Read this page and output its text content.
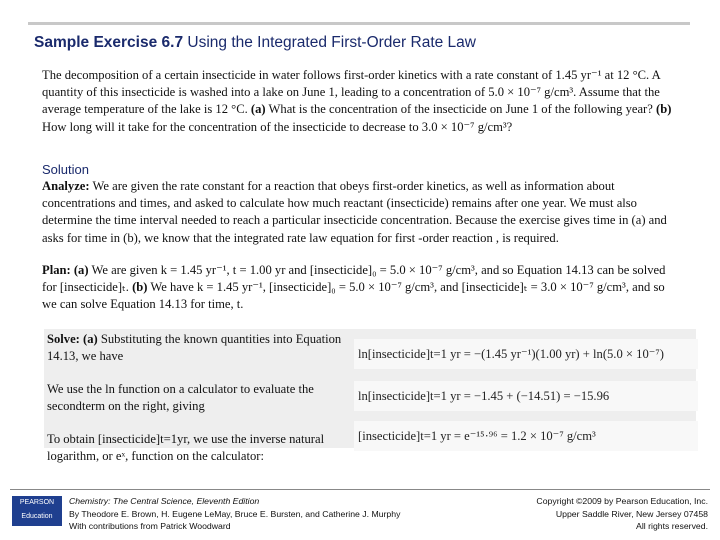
Sample Exercise 6.7 Using the Integrated First-Order Rate Law
The decomposition of a certain insecticide in water follows first-order kinetics with a rate constant of 1.45 yr⁻¹ at 12 °C. A quantity of this insecticide is washed into a lake on June 1, leading to a concentration of 5.0 × 10⁻⁷ g/cm³. Assume that the average temperature of the lake is 12 °C. (a) What is the concentration of the insecticide on June 1 of the following year? (b) How long will it take for the concentration of the insecticide to decrease to 3.0 × 10⁻⁷ g/cm³?
Solution
Analyze: We are given the rate constant for a reaction that obeys first-order kinetics, as well as information about concentrations and times, and asked to calculate how much reactant (insecticide) remains after one year. We must also determine the time interval needed to reach a particular insecticide concentration. Because the exercise gives time in (a) and asks for time in (b), we know that the integrated rate law equation for first -order reaction , is required.
Plan: (a) We are given k = 1.45 yr⁻¹, t = 1.00 yr and [insecticide]₀ = 5.0 × 10⁻⁷ g/cm³, and so Equation 14.13 can be solved for [insecticide]ₜ. (b) We have k = 1.45 yr⁻¹, [insecticide]₀ = 5.0 × 10⁻⁷ g/cm³, and [insecticide]ₜ = 3.0 × 10⁻⁷ g/cm³, and so we can solve Equation 14.13 for time, t.
Solve: (a) Substituting the known quantities into Equation 14.13, we have	ln[insecticide]t=1 yr = −(1.45 yr⁻¹)(1.00 yr) + ln(5.0 × 10⁻⁷)
We use the ln function on a calculator to evaluate the secondterm on the right, giving
ln[insecticide]t=1 yr = −1.45 + (−14.51) = −15.96
To obtain [insecticide]t=1yr, we use the inverse natural logarithm, or eˣ, function on the calculator:
[insecticide]t=1 yr = e⁻¹⁵·⁹⁶ = 1.2 × 10⁻⁷ g/cm³
PEARSON
Education
Chemistry: The Central Science, Eleventh Edition
By Theodore E. Brown, H. Eugene LeMay, Bruce E. Bursten, and Catherine J. Murphy
With contributions from Patrick Woodward
Copyright ©2009 by Pearson Education, Inc.
Upper Saddle River, New Jersey 07458
All rights reserved.
